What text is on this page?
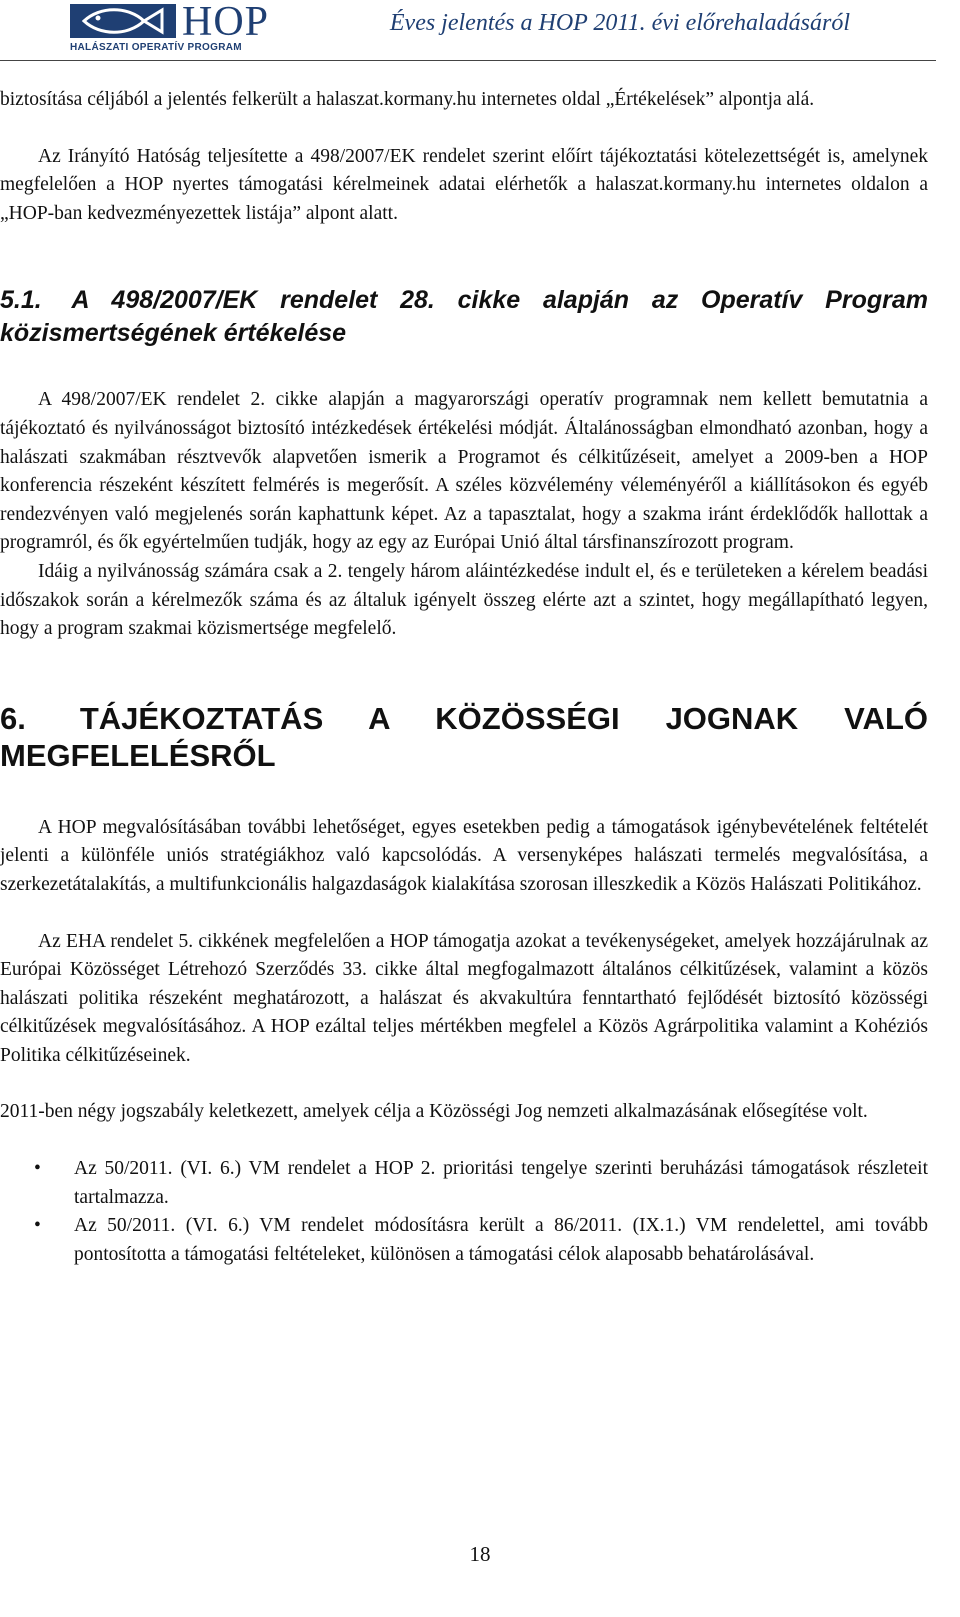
HOP
HALÁSZATI OPERATÍV PROGRAM
Éves jelentés a HOP 2011. évi előrehaladásáról

biztosítása céljából a jelentés felkerült a halaszat.kormany.hu internetes oldal „Értékelések” alpontja alá.

Az Irányító Hatóság teljesítette a 498/2007/EK rendelet szerint előírt tájékoztatási kötelezettségét is, amelynek megfelelően a HOP nyertes támogatási kérelmeinek adatai elérhetők a halaszat.kormany.hu internetes oldalon a „HOP-ban kedvezményezettek listája” alpont alatt.

5.1. A 498/2007/EK rendelet 28. cikke alapján az Operatív Program közismertségének értékelése

A 498/2007/EK rendelet 2. cikke alapján a magyarországi operatív programnak nem kellett bemutatnia a tájékoztató és nyilvánosságot biztosító intézkedések értékelési módját. Általánosságban elmondható azonban, hogy a halászati szakmában résztvevők alapvetően ismerik a Programot és célkitűzéseit, amelyet a 2009-ben a HOP konferencia részeként készített felmérés is megerősít. A széles közvélemény véleményéről a kiállításokon és egyéb rendezvényen való megjelenés során kaphattunk képet. Az a tapasztalat, hogy a szakma iránt érdeklődők hallottak a programról, és ők egyértelműen tudják, hogy az egy az Európai Unió által társfinanszírozott program.

Idáig a nyilvánosság számára csak a 2. tengely három aláintézkedése indult el, és e területeken a kérelem beadási időszakok során a kérelmezők száma és az általuk igényelt összeg elérte azt a szintet, hogy megállapítható legyen, hogy a program szakmai közismertsége megfelelő.

6. TÁJÉKOZTATÁS A KÖZÖSSÉGI JOGNAK VALÓ MEGFELELÉSRŐL

A HOP megvalósításában további lehetőséget, egyes esetekben pedig a támogatások igénybevételének feltételét jelenti a különféle uniós stratégiákhoz való kapcsolódás. A versenyképes halászati termelés megvalósítása, a szerkezetátalakítás, a multifunkcionális halgazdaságok kialakítása szorosan illeszkedik a Közös Halászati Politikához.

Az EHA rendelet 5. cikkének megfelelően a HOP támogatja azokat a tevékenységeket, amelyek hozzájárulnak az Európai Közösséget Létrehozó Szerződés 33. cikke által megfogalmazott általános célkitűzések, valamint a közös halászati politika részeként meghatározott, a halászat és akvakultúra fenntartható fejlődését biztosító közösségi célkitűzések megvalósításához. A HOP ezáltal teljes mértékben megfelel a Közös Agrárpolitika valamint a Kohéziós Politika célkitűzéseinek.

2011-ben négy jogszabály keletkezett, amelyek célja a Közösségi Jog nemzeti alkalmazásának elősegítése volt.

• Az 50/2011. (VI. 6.) VM rendelet a HOP 2. prioritási tengelye szerinti beruházási támogatások részleteit tartalmazza.
• Az 50/2011. (VI. 6.) VM rendelet módosításra került a 86/2011. (IX.1.) VM rendelettel, ami tovább pontosította a támogatási feltételeket, különösen a támogatási célok alaposabb behatárolásával.
18
